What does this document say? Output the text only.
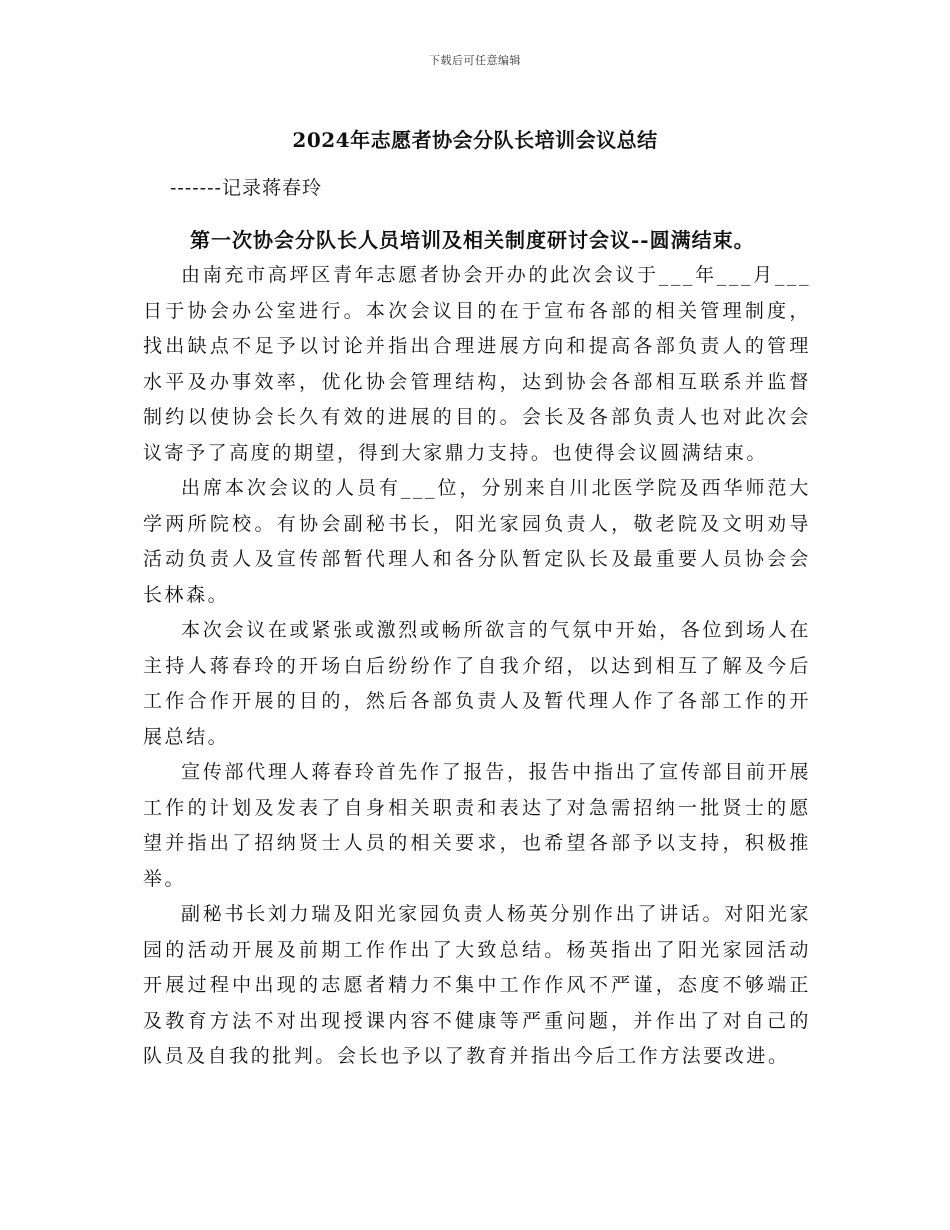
下载后可任意编辑
2024年志愿者协会分队长培训会议总结
-------记录蒋春玲
第一次协会分队长人员培训及相关制度研讨会议--圆满结束。

由南充市高坪区青年志愿者协会开办的此次会议于___年___月___日于协会办公室进行。本次会议目的在于宣布各部的相关管理制度，找出缺点不足予以讨论并指出合理进展方向和提高各部负责人的管理水平及办事效率，优化协会管理结构，达到协会各部相互联系并监督制约以使协会长久有效的进展的目的。会长及各部负责人也对此次会议寄予了高度的期望，得到大家鼎力支持。也使得会议圆满结束。

出席本次会议的人员有___位，分别来自川北医学院及西华师范大学两所院校。有协会副秘书长，阳光家园负责人，敬老院及文明劝导活动负责人及宣传部暂代理人和各分队暂定队长及最重要人员协会会长林森。

本次会议在或紧张或激烈或畅所欲言的气氛中开始，各位到场人在主持人蒋春玲的开场白后纷纷作了自我介绍，以达到相互了解及今后工作合作开展的目的，然后各部负责人及暂代理人作了各部工作的开展总结。

宣传部代理人蒋春玲首先作了报告，报告中指出了宣传部目前开展工作的计划及发表了自身相关职责和表达了对急需招纳一批贤士的愿望并指出了招纳贤士人员的相关要求，也希望各部予以支持，积极推举。

副秘书长刘力瑞及阳光家园负责人杨英分别作出了讲话。对阳光家园的活动开展及前期工作作出了大致总结。杨英指出了阳光家园活动开展过程中出现的志愿者精力不集中工作作风不严谨，态度不够端正及教育方法不对出现授课内容不健康等严重问题，并作出了对自己的队员及自我的批判。会长也予以了教育并指出今后工作方法要改进。
